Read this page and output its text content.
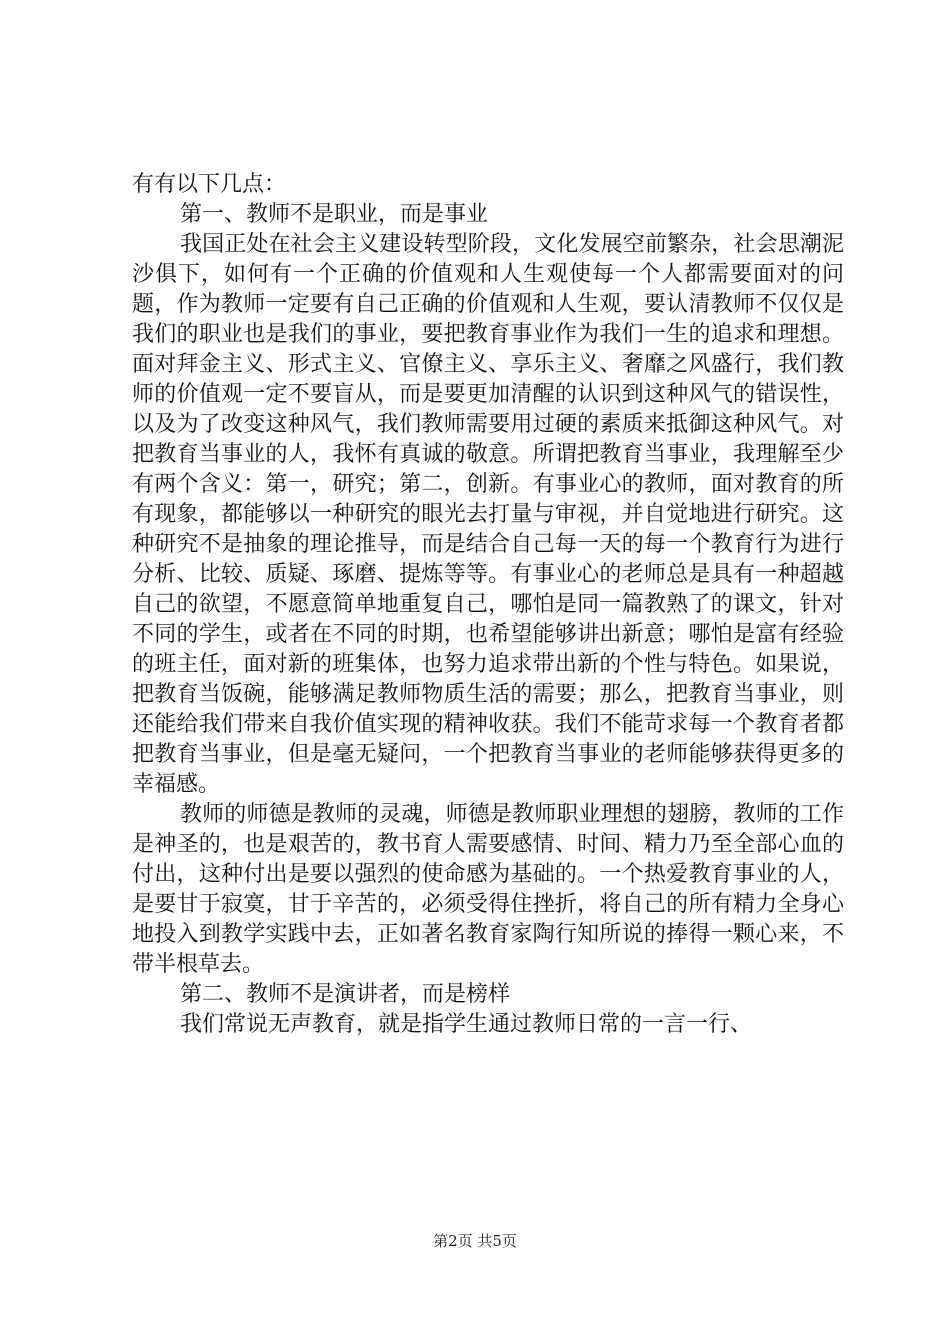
有有以下几点：

第一、教师不是职业，而是事业

我国正处在社会主义建设转型阶段，文化发展空前繁杂，社会思潮泥沙俱下，如何有一个正确的价值观和人生观使每一个人都需要面对的问题，作为教师一定要有自己正确的价值观和人生观，要认清教师不仅仅是我们的职业也是我们的事业，要把教育事业作为我们一生的追求和理想。面对拜金主义、形式主义、官僚主义、享乐主义、奢靡之风盛行，我们教师的价值观一定不要盲从，而是要更加清醒的认识到这种风气的错误性，以及为了改变这种风气，我们教师需要用过硬的素质来抵御这种风气。对把教育当事业的人，我怀有真诚的敬意。所谓把教育当事业，我理解至少有两个含义：第一，研究；第二，创新。有事业心的教师，面对教育的所有现象，都能够以一种研究的眼光去打量与审视，并自觉地进行研究。这种研究不是抽象的理论推导，而是结合自己每一天的每一个教育行为进行分析、比较、质疑、琢磨、提炼等等。有事业心的老师总是具有一种超越自己的欲望，不愿意简单地重复自己，哪怕是同一篇教熟了的课文，针对不同的学生，或者在不同的时期，也希望能够讲出新意；哪怕是富有经验的班主任，面对新的班集体，也努力追求带出新的个性与特色。如果说，把教育当饭碗，能够满足教师物质生活的需要；那么，把教育当事业，则还能给我们带来自我价值实现的精神收获。我们不能苛求每一个教育者都把教育当事业，但是毫无疑问，一个把教育当事业的老师能够获得更多的幸福感。

教师的师德是教师的灵魂，师德是教师职业理想的翅膀，教师的工作是神圣的，也是艰苦的，教书育人需要感情、时间、精力乃至全部心血的付出，这种付出是要以强烈的使命感为基础的。一个热爱教育事业的人，是要甘于寂寞，甘于辛苦的，必须受得住挫折，将自己的所有精力全身心地投入到教学实践中去，正如著名教育家陶行知所说的捧得一颗心来，不带半根草去。

第二、教师不是演讲者，而是榜样

我们常说无声教育，就是指学生通过教师日常的一言一行、

第2页 共5页
